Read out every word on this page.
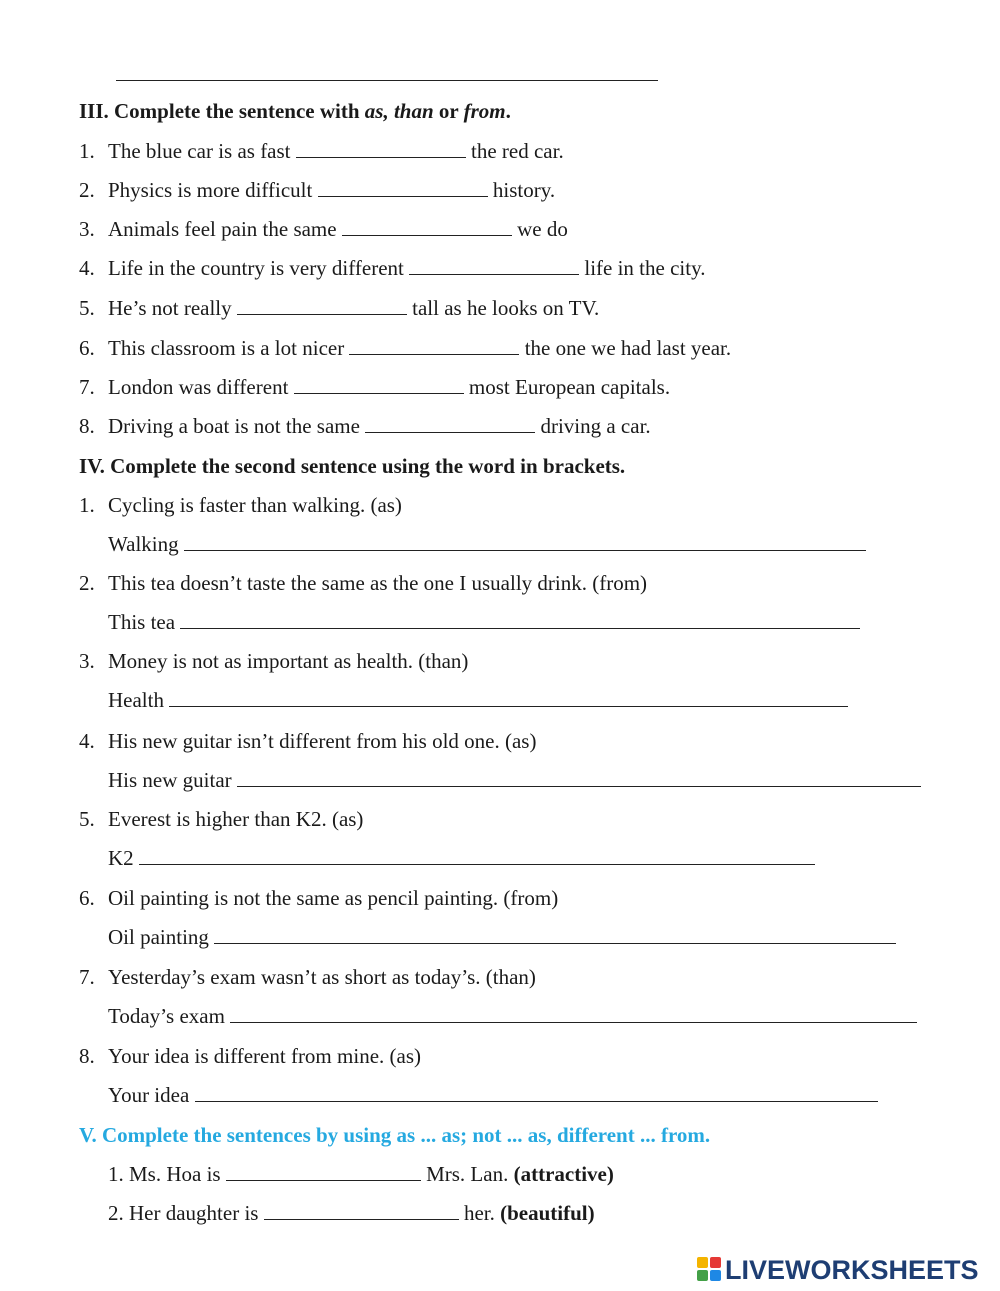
III. Complete the sentence with as, than or from.
1. The blue car is as fast	the red car.
2. Physics is more difficult	history.
3. Animals feel pain the same	we do
4. Life in the country is very different	life in the city.
5. He’s not really	tall as he looks on TV.
6. This classroom is a lot nicer	the one we had last year.
7. London was different	most European capitals.
8. Driving a boat is not the same	driving a car.
IV. Complete the second sentence using the word in brackets.
1. Cycling is faster than walking. (as)
Walking
2. This tea doesn’t taste the same as the one I usually drink. (from)
This tea
3. Money is not as important as health. (than)
Health
4. His new guitar isn’t different from his old one. (as)
His new guitar
5. Everest is higher than K2. (as)
K2
6. Oil painting is not the same as pencil painting. (from)
Oil painting
7. Yesterday’s exam wasn’t as short as today’s. (than)
Today’s exam
8. Your idea is different from mine. (as)
Your idea
V. Complete the sentences by using as ... as; not ... as, different ... from.
1. Ms. Hoa is	Mrs. Lan. (attractive)
2. Her daughter is	her. (beautiful)
LIVEWORKSHEETS
